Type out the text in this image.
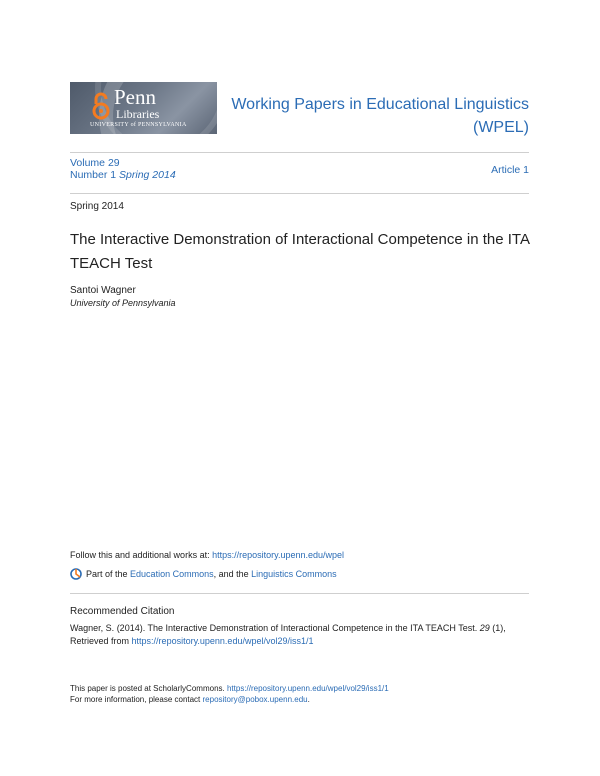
Penn
Libraries
UNIVERSITY of PENNSYLVANIA
Working Papers in Educational Linguistics
(WPEL)
Volume 29
Number 1 Spring 2014	Article 1
Spring 2014
The Interactive Demonstration of Interactional Competence in the ITA TEACH Test
Santoi Wagner
University of Pennsylvania
Follow this and additional works at: https://repository.upenn.edu/wpel
Part of the
Education Commons , and the
Linguistics Commons
Recommended Citation
Wagner, S. (2014). The Interactive Demonstration of Interactional Competence in the ITA TEACH Test. 29 (1), Retrieved from https://repository.upenn.edu/wpel/vol29/iss1/1
This paper is posted at ScholarlyCommons. https://repository.upenn.edu/wpel/vol29/iss1/1
For more information, please contact repository@pobox.upenn.edu.
